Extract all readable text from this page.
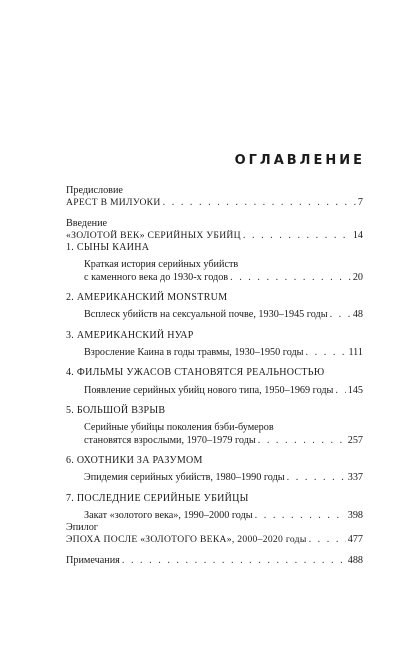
ОГЛАВЛЕНИЕ
Предисловие
АРЕСТ В МИЛУОКИ . . .	7
Введение
«ЗОЛОТОЙ ВЕК» СЕРИЙНЫХ УБИЙЦ . . .	14
1. СЫНЫ КАИНА
Краткая история серийных убийств
с каменного века до 1930-х годов . . .	20
2. АМЕРИКАНСКИЙ MONSTRUM
Всплеск убийств на сексуальной почве, 1930–1945 годы . . . 48
3. АМЕРИКАНСКИЙ НУАР
Взросление Каина в годы травмы, 1930–1950 годы . . .	111
4. ФИЛЬМЫ УЖАСОВ СТАНОВЯТСЯ РЕАЛЬНОСТЬЮ
Появление серийных убийц нового типа, 1950–1969 годы . . . 145
5. БОЛЬШОЙ ВЗРЫВ
Серийные убийцы поколения бэби-бумеров
становятся взрослыми, 1970–1979 годы . . .	257
6. ОХОТНИКИ ЗА РАЗУМОМ
Эпидемия серийных убийств, 1980–1990 годы . . .	337
7. ПОСЛЕДНИЕ СЕРИЙНЫЕ УБИЙЦЫ
Закат «золотого века», 1990–2000 годы . . .	398
Эпилог
ЭПОХА ПОСЛЕ «ЗОЛОТОГО ВЕКА», 2000–2020 годы . . .	477
Примечания . . .	488
